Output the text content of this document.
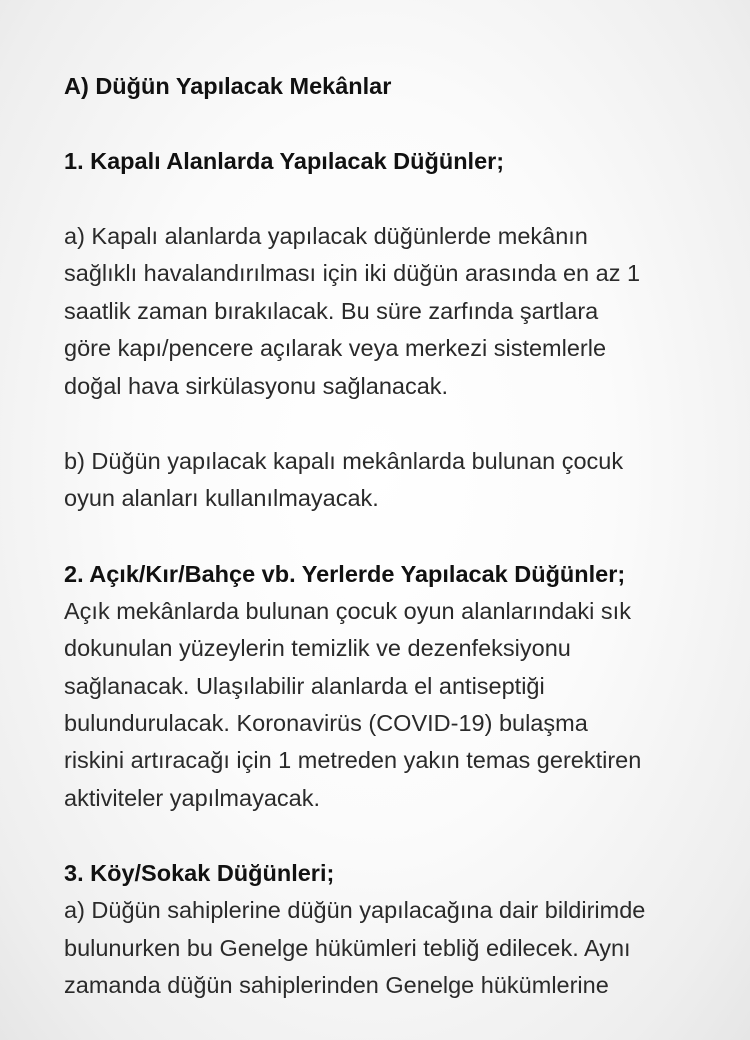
A) Düğün Yapılacak Mekânlar
1. Kapalı Alanlarda Yapılacak Düğünler;

a) Kapalı alanlarda yapılacak düğünlerde mekânın
sağlıklı havalandırılması için iki düğün arasında en az 1
saatlik zaman bırakılacak. Bu süre zarfında şartlara
göre kapı/pencere açılarak veya merkezi sistemlerle
doğal hava sirkülasyonu sağlanacak.

b) Düğün yapılacak kapalı mekânlarda bulunan çocuk
oyun alanları kullanılmayacak.

2. Açık/Kır/Bahçe vb. Yerlerde Yapılacak Düğünler;

Açık mekânlarda bulunan çocuk oyun alanlarındaki sık
dokunulan yüzeylerin temizlik ve dezenfeksiyonu
sağlanacak. Ulaşılabilir alanlarda el antiseptiği
bulundurulacak. Koronavirüs (COVID-19) bulaşma
riskini artıracağı için 1 metreden yakın temas gerektiren
aktiviteler yapılmayacak.

3. Köy/Sokak Düğünleri;

a) Düğün sahiplerine düğün yapılacağına dair bildirimde
bulunurken bu Genelge hükümleri tebliğ edilecek. Aynı
zamanda düğün sahiplerinden Genelge hükümlerine
